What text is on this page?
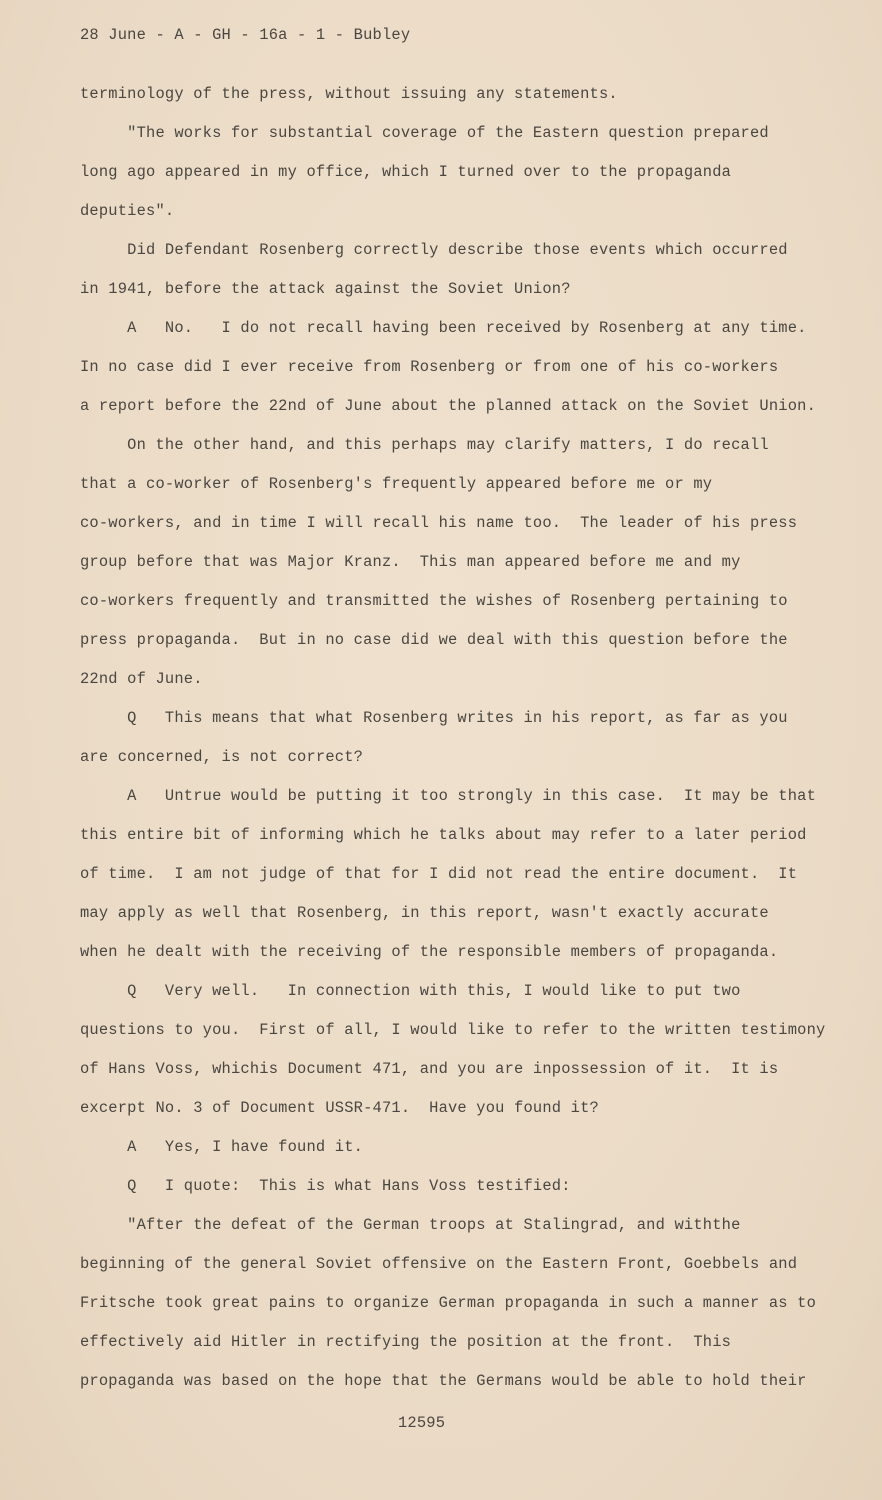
28 June - A - GH - 16a - 1 - Bubley
terminology of the press, without issuing any statements.
"The works for substantial coverage of the Eastern question prepared
long ago appeared in my office, which I turned over to the propaganda
deputies".
Did Defendant Rosenberg correctly describe those events which occurred
in 1941, before the attack against the Soviet Union?
A   No.   I do not recall having been received by Rosenberg at any time.
In no case did I ever receive from Rosenberg or from one of his co-workers
a report before the 22nd of June about the planned attack on the Soviet Union.
On the other hand, and this perhaps may clarify matters, I do recall
that a co-worker of Rosenberg's frequently appeared before me or my
co-workers, and in time I will recall his name too.  The leader of his press
group before that was Major Kranz.  This man appeared before me and my
co-workers frequently and transmitted the wishes of Rosenberg pertaining to
press propaganda.  But in no case did we deal with this question before the
22nd of June.
Q   This means that what Rosenberg writes in his report, as far as you
are concerned, is not correct?
A   Untrue would be putting it too strongly in this case.  It may be that
this entire bit of informing which he talks about may refer to a later period
of time.  I am not judge of that for I did not read the entire document.  It
may apply as well that Rosenberg, in this report, wasn't exactly accurate
when he dealt with the receiving of the responsible members of propaganda.
Q   Very well.   In connection with this, I would like to put two
questions to you.  First of all, I would like to refer to the written testimony
of Hans Voss, whichis Document 471, and you are inpossession of it.  It is
excerpt No. 3 of Document USSR-471.  Have you found it?
A   Yes, I have found it.
Q   I quote:  This is what Hans Voss testified:
"After the defeat of the German troops at Stalingrad, and withthe
beginning of the general Soviet offensive on the Eastern Front, Goebbels and
Fritsche took great pains to organize German propaganda in such a manner as to
effectively aid Hitler in rectifying the position at the front.  This
propaganda was based on the hope that the Germans would be able to hold their
12595
